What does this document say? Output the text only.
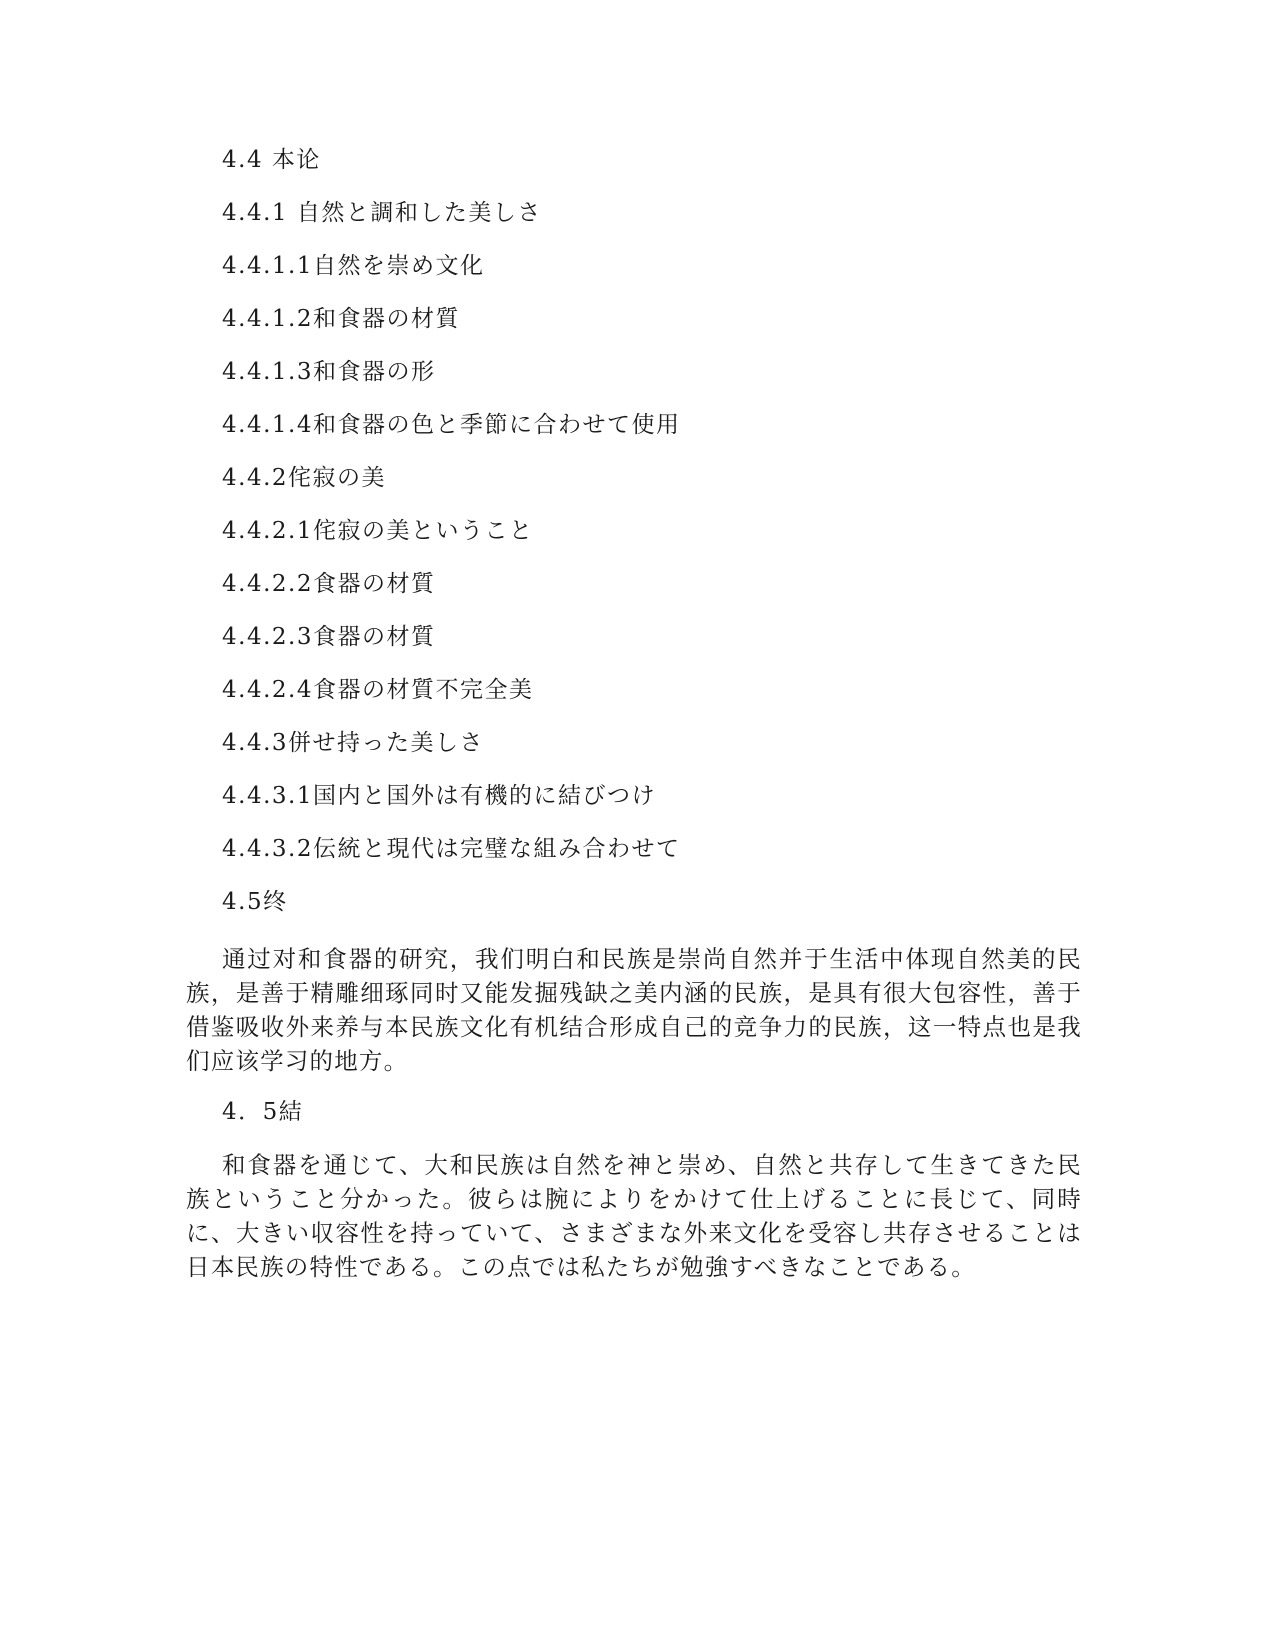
4.4 本论
4.4.1 自然と調和した美しさ
4.4.1.1自然を崇め文化
4.4.1.2和食器の材質
4.4.1.3和食器の形
4.4.1.4和食器の色と季節に合わせて使用
4.4.2侘寂の美
4.4.2.1侘寂の美ということ
4.4.2.2食器の材質
4.4.2.3食器の材質
4.4.2.4食器の材質不完全美
4.4.3併せ持った美しさ
4.4.3.1国内と国外は有機的に結びつけ
4.4.3.2伝統と現代は完璧な組み合わせて
4.5终

通过对和食器的研究，我们明白和民族是崇尚自然并于生活中体现自然美的民族，是善于精雕细琢同时又能发掘残缺之美内涵的民族，是具有很大包容性，善于借鉴吸收外来养与本民族文化有机结合形成自己的竞争力的民族，这一特点也是我们应该学习的地方。

4．5結

和食器を通じて、大和民族は自然を神と崇め、自然と共存して生きてきた民族ということ分かった。彼らは腕によりをかけて仕上げることに長じて、同時に、大きい収容性を持っていて、さまざまな外来文化を受容し共存させることは日本民族の特性である。この点では私たちが勉強すべきなことである。
